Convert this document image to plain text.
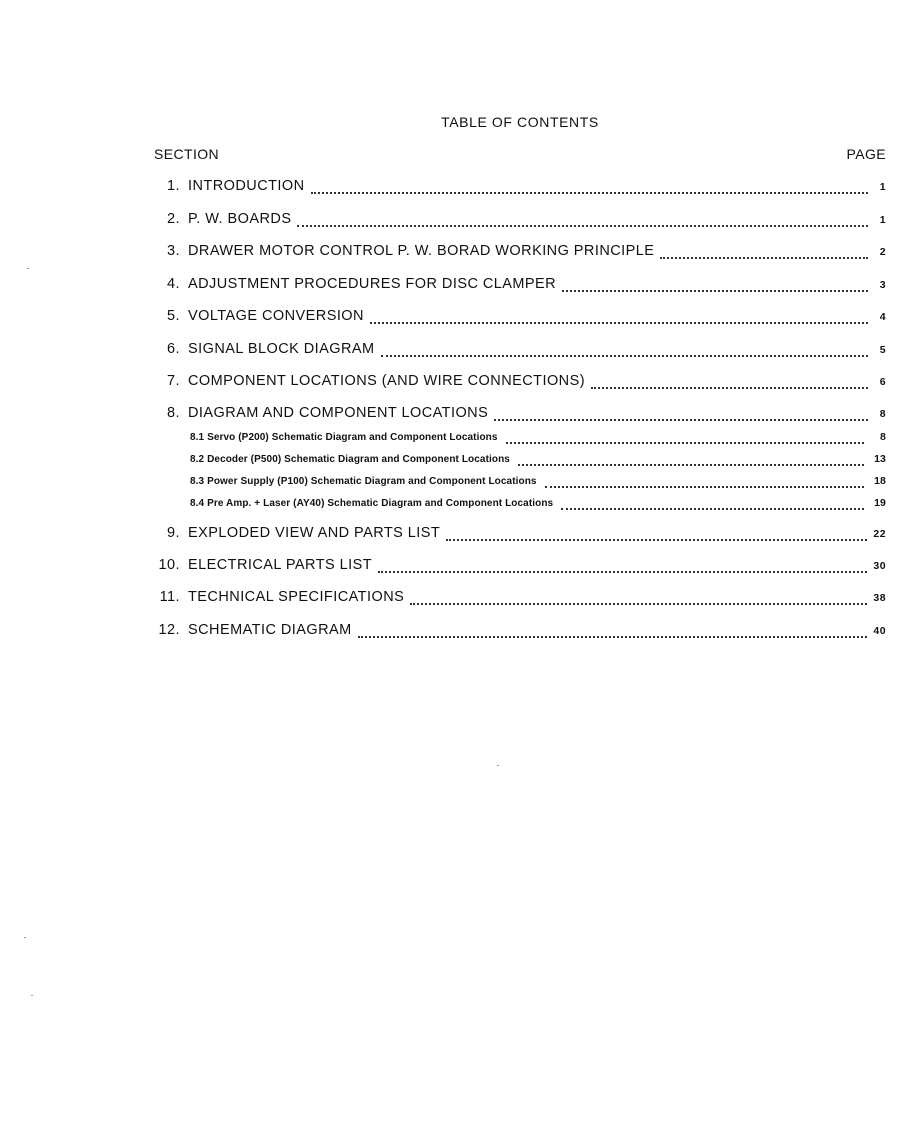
TABLE OF CONTENTS
SECTION	PAGE
1. INTRODUCTION	1
2. P. W. BOARDS	1
3. DRAWER MOTOR CONTROL P. W. BORAD WORKING PRINCIPLE	2
4. ADJUSTMENT PROCEDURES FOR DISC CLAMPER	3
5. VOLTAGE CONVERSION	4
6. SIGNAL BLOCK DIAGRAM	5
7. COMPONENT LOCATIONS (AND WIRE CONNECTIONS)	6
8. DIAGRAM AND COMPONENT LOCATIONS	8
8.1 Servo (P200) Schematic Diagram and Component Locations	8
8.2 Decoder (P500) Schematic Diagram and Component Locations	13
8.3 Power Supply (P100) Schematic Diagram and Component Locations	18
8.4 Pre Amp. + Laser (AY40) Schematic Diagram and Component Locations	19
9. EXPLODED VIEW AND PARTS LIST	22
10. ELECTRICAL PARTS LIST	30
11. TECHNICAL SPECIFICATIONS	38
12. SCHEMATIC DIAGRAM	40
